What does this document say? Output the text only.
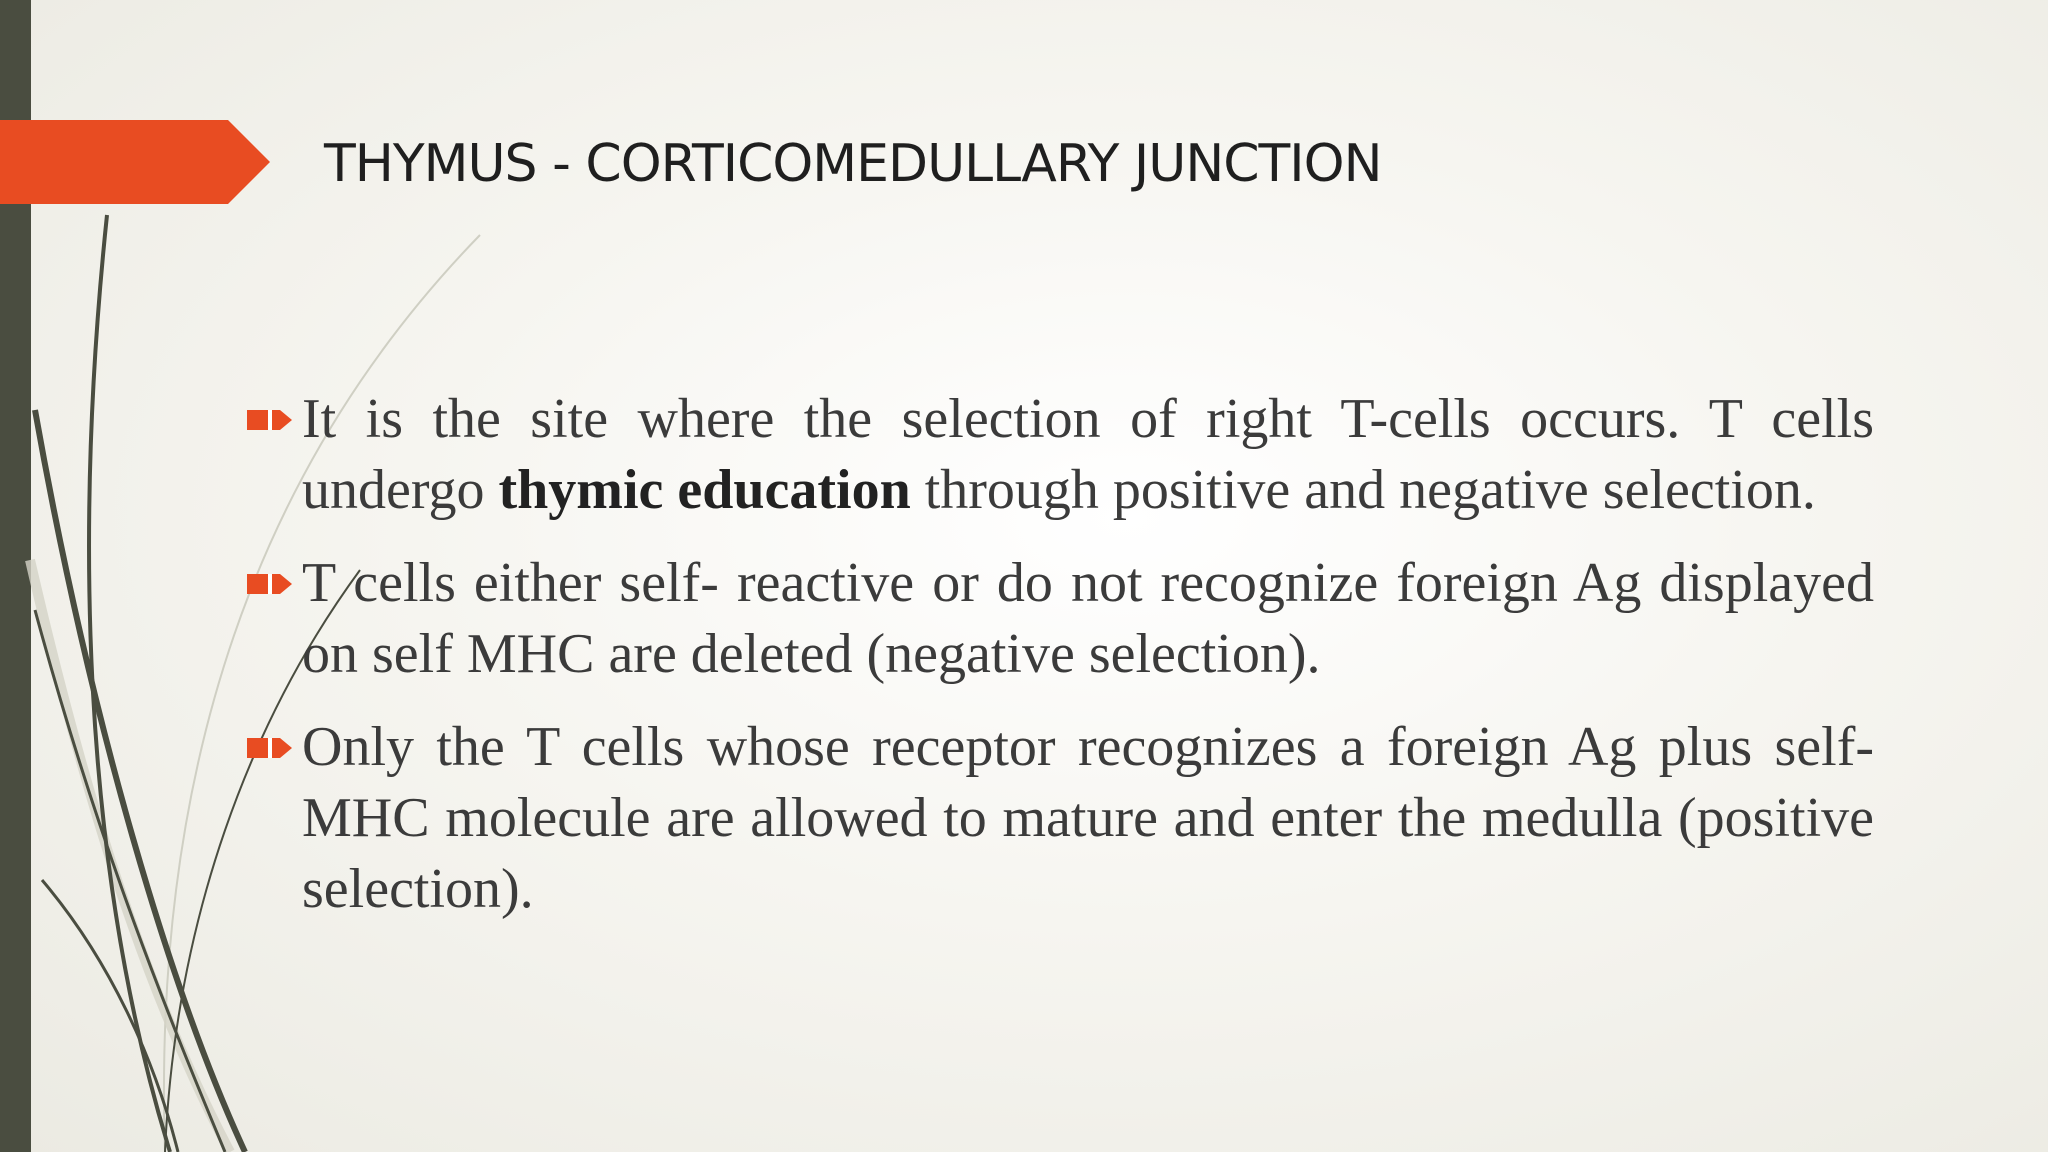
THYMUS - CORTICOMEDULLARY JUNCTION
It is the site where the selection of right T-cells occurs. T cells undergo thymic education through positive and negative selection.
T cells either self- reactive or do not recognize foreign Ag displayed on self MHC are deleted (negative selection).
Only the T cells whose receptor recognizes a foreign Ag plus self- MHC molecule are allowed to mature and enter the medulla (positive selection).
